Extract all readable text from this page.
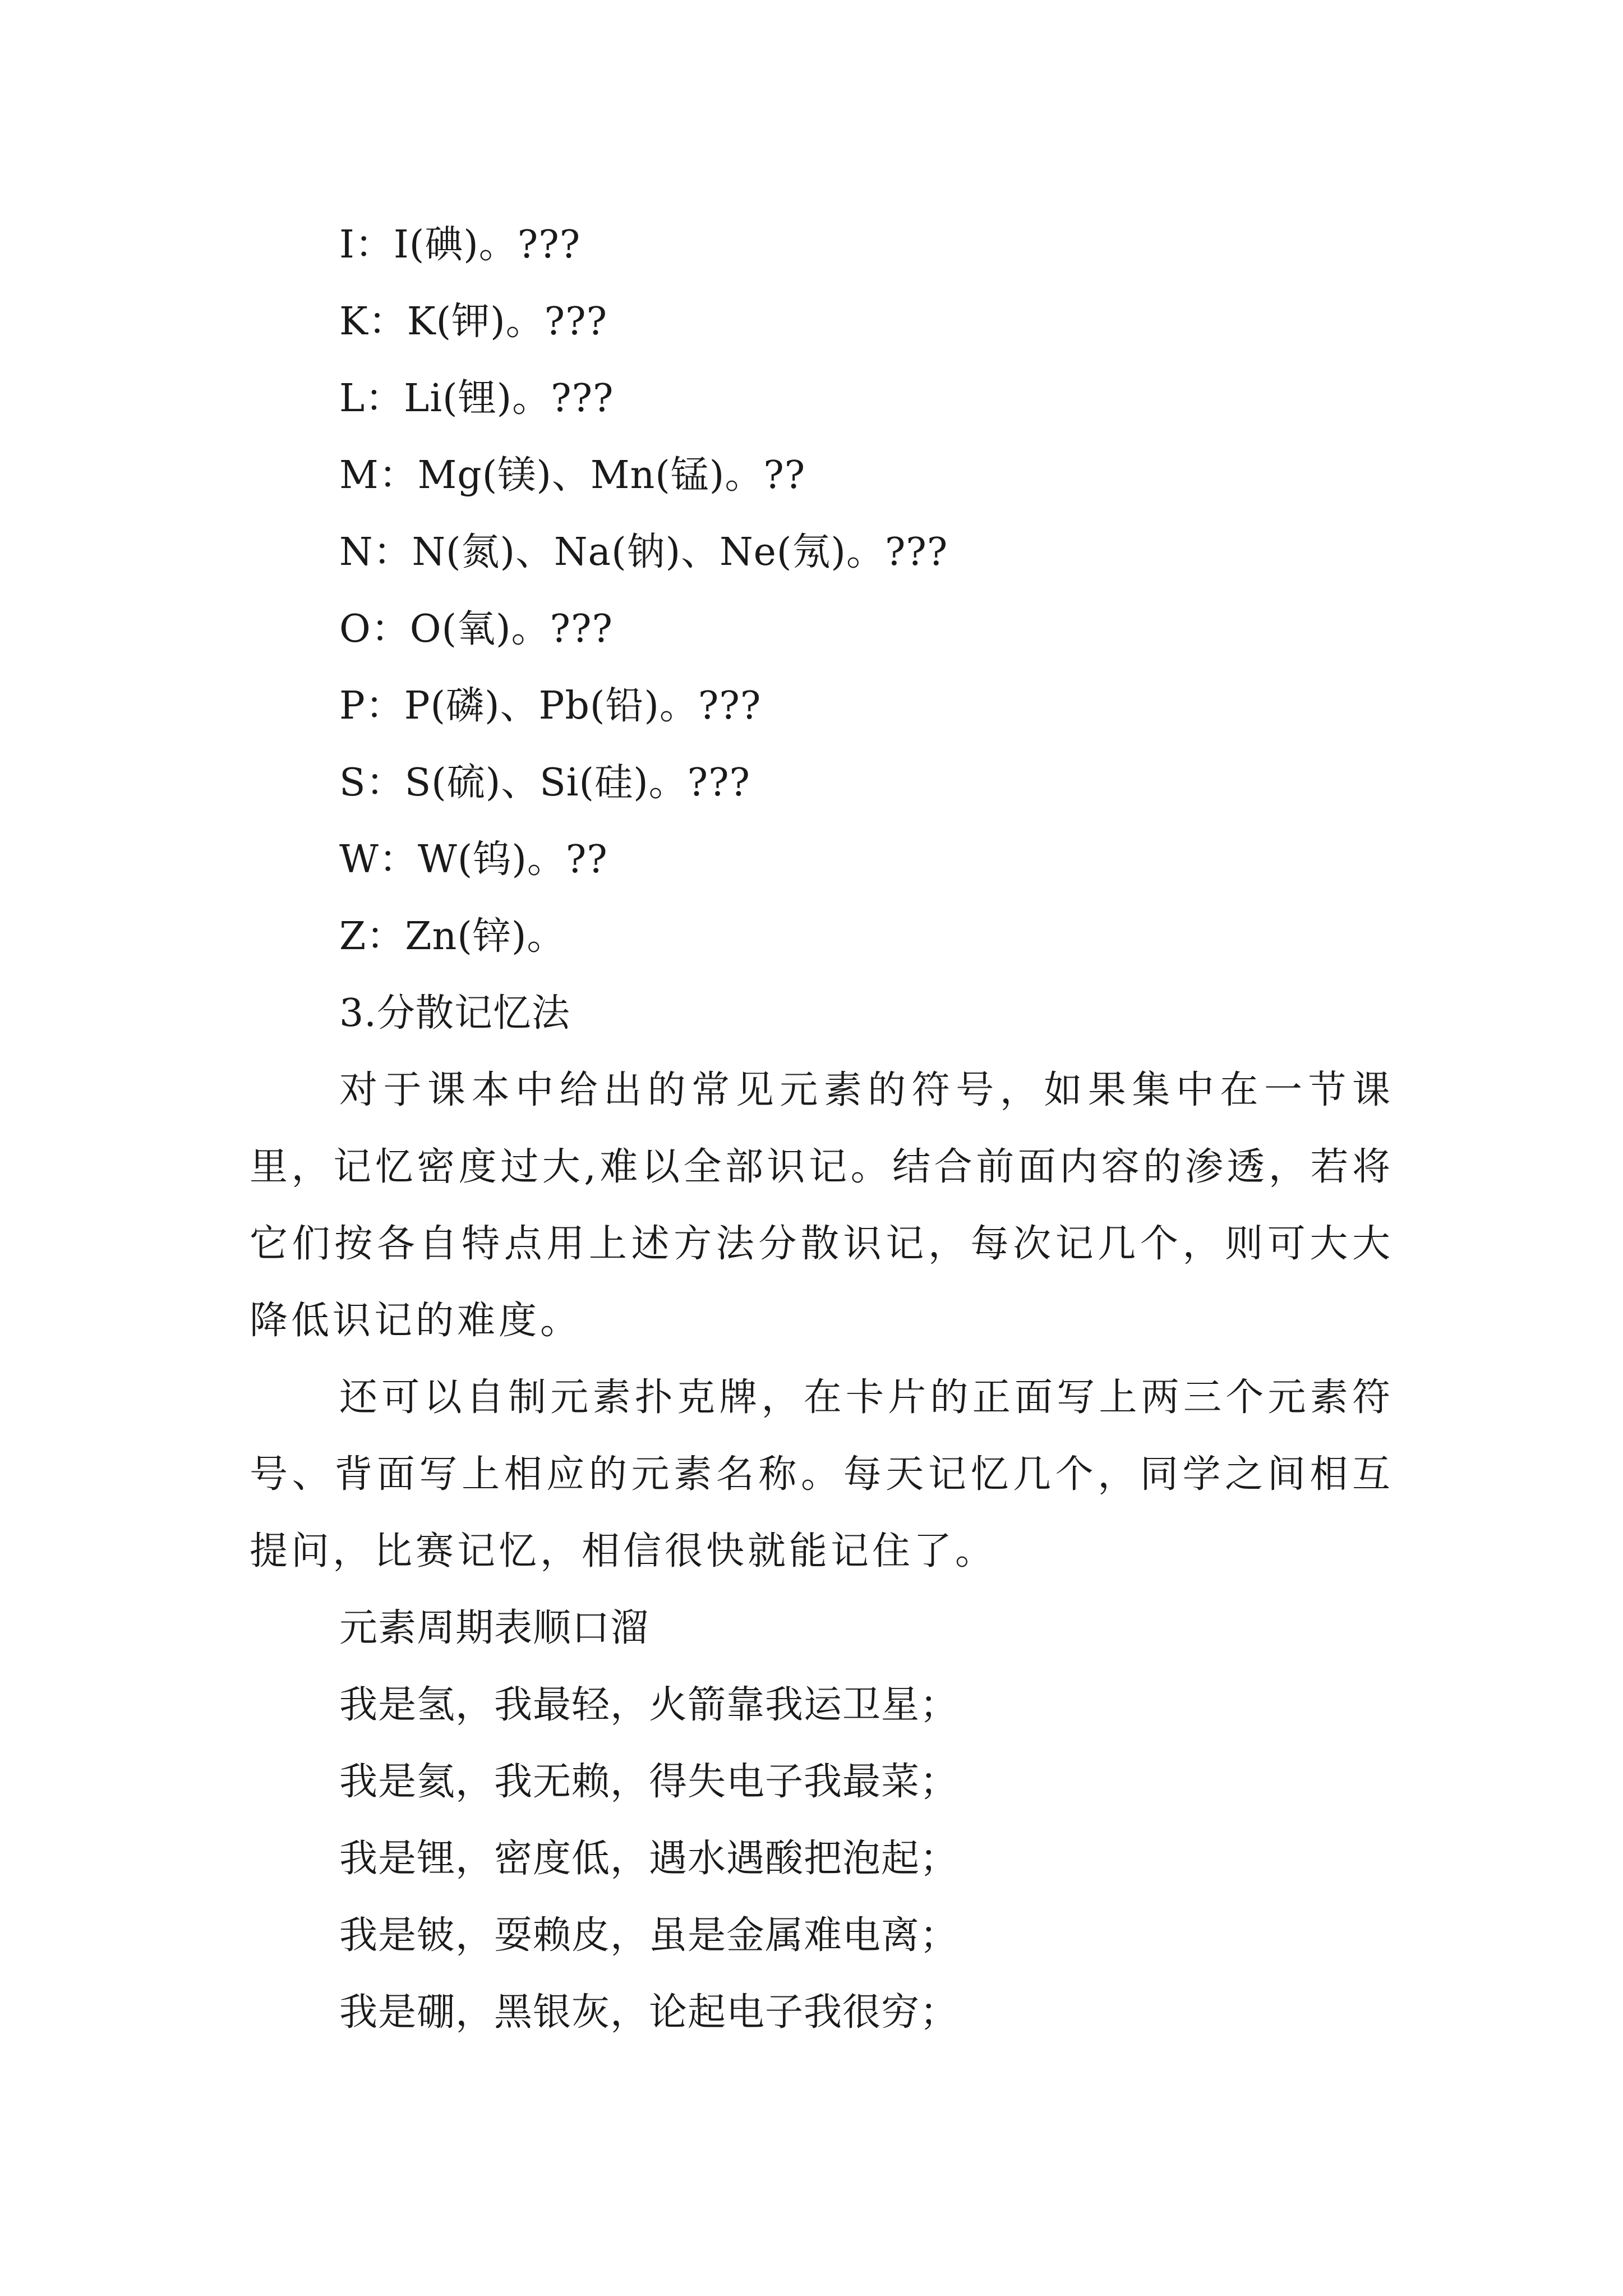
I：I(碘)。???
K：K(钾)。???
L：Li(锂)。???
M：Mg(镁)、Mn(锰)。??
N：N(氮)、Na(钠)、Ne(氖)。???
O：O(氧)。???
P：P(磷)、Pb(铅)。???
S：S(硫)、Si(硅)。???
W：W(钨)。??
Z：Zn(锌)。
3.分散记忆法

对于课本中给出的常见元素的符号，如果集中在一节课里，记忆密度过大,难以全部识记。结合前面内容的渗透，若将它们按各自特点用上述方法分散识记，每次记几个，则可大大降低识记的难度。

还可以自制元素扑克牌，在卡片的正面写上两三个元素符号、背面写上相应的元素名称。每天记忆几个，同学之间相互提问，比赛记忆，相信很快就能记住了。

元素周期表顺口溜
我是氢，我最轻，火箭靠我运卫星；
我是氦，我无赖，得失电子我最菜；
我是锂，密度低，遇水遇酸把泡起；
我是铍，耍赖皮，虽是金属难电离；
我是硼，黑银灰，论起电子我很穷；
